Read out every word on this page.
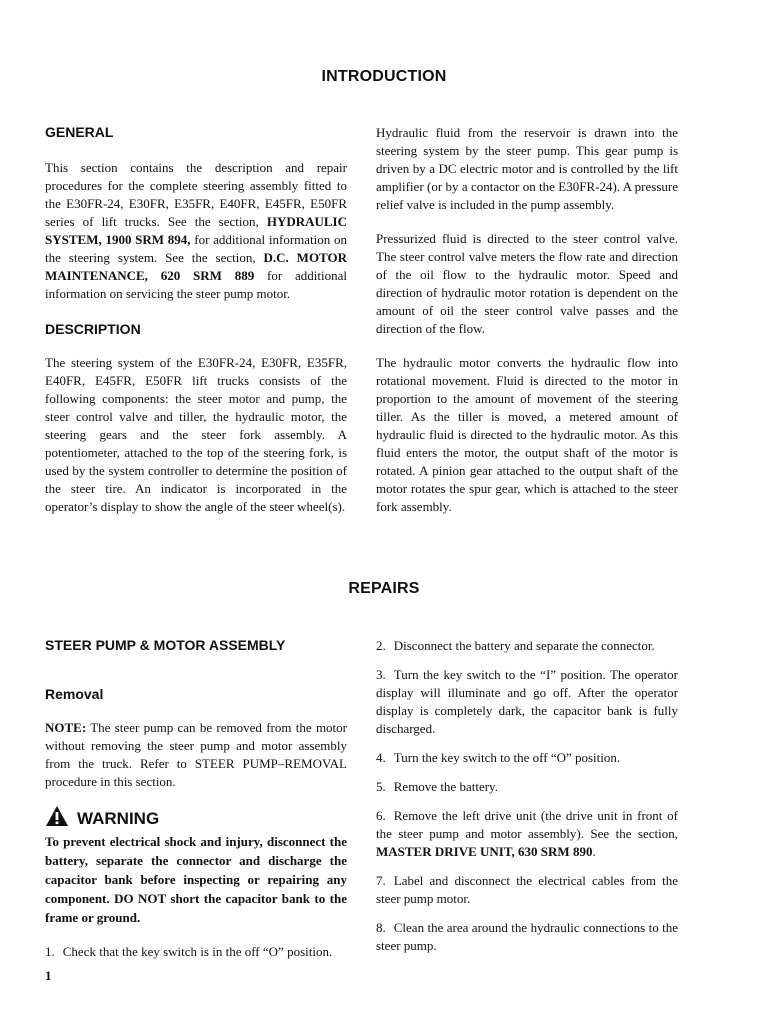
INTRODUCTION

GENERAL

This section contains the description and repair procedures for the complete steering assembly fitted to the E30FR-24, E30FR, E35FR, E40FR, E45FR, E50FR series of lift trucks. See the section, HYDRAULIC SYSTEM, 1900 SRM 894, for additional information on the steering system. See the section, D.C. MOTOR MAINTENANCE, 620 SRM 889 for additional information on servicing the steer pump motor.

DESCRIPTION

The steering system of the E30FR-24, E30FR, E35FR, E40FR, E45FR, E50FR lift trucks consists of the following components: the steer motor and pump, the steer control valve and tiller, the hydraulic motor, the steering gears and the steer fork assembly. A potentiometer, attached to the top of the steering fork, is used by the system controller to determine the position of the steer tire. An indicator is incorporated in the operator’s display to show the angle of the steer wheel(s).

Hydraulic fluid from the reservoir is drawn into the steering system by the steer pump. This gear pump is driven by a DC electric motor and is controlled by the lift amplifier (or by a contactor on the E30FR-24). A pressure relief valve is included in the pump assembly.

Pressurized fluid is directed to the steer control valve. The steer control valve meters the flow rate and direction of the oil flow to the hydraulic motor. Speed and direction of hydraulic motor rotation is dependent on the amount of oil the steer control valve passes and the direction of the flow.

The hydraulic motor converts the hydraulic flow into rotational movement. Fluid is directed to the motor in proportion to the amount of movement of the steering tiller. As the tiller is moved, a metered amount of hydraulic fluid is directed to the hydraulic motor. As this fluid enters the motor, the output shaft of the motor is rotated. A pinion gear attached to the output shaft of the motor rotates the spur gear, which is attached to the steer fork assembly.

REPAIRS

STEER PUMP & MOTOR ASSEMBLY

Removal

NOTE: The steer pump can be removed from the motor without removing the steer pump and motor assembly from the truck. Refer to STEER PUMP–REMOVAL procedure in this section.

WARNING

To prevent electrical shock and injury, disconnect the battery, separate the connector and discharge the capacitor bank before inspecting or repairing any component. DO NOT short the capacitor bank to the frame or ground.

1. Check that the key switch is in the off “O” position.

2. Disconnect the battery and separate the connector.

3. Turn the key switch to the “I” position. The operator display will illuminate and go off. After the operator display is completely dark, the capacitor bank is fully discharged.

4. Turn the key switch to the off “O” position.

5. Remove the battery.

6. Remove the left drive unit (the drive unit in front of the steer pump and motor assembly). See the section, MASTER DRIVE UNIT, 630 SRM 890.

7. Label and disconnect the electrical cables from the steer pump motor.

8. Clean the area around the hydraulic connections to the steer pump.

1
